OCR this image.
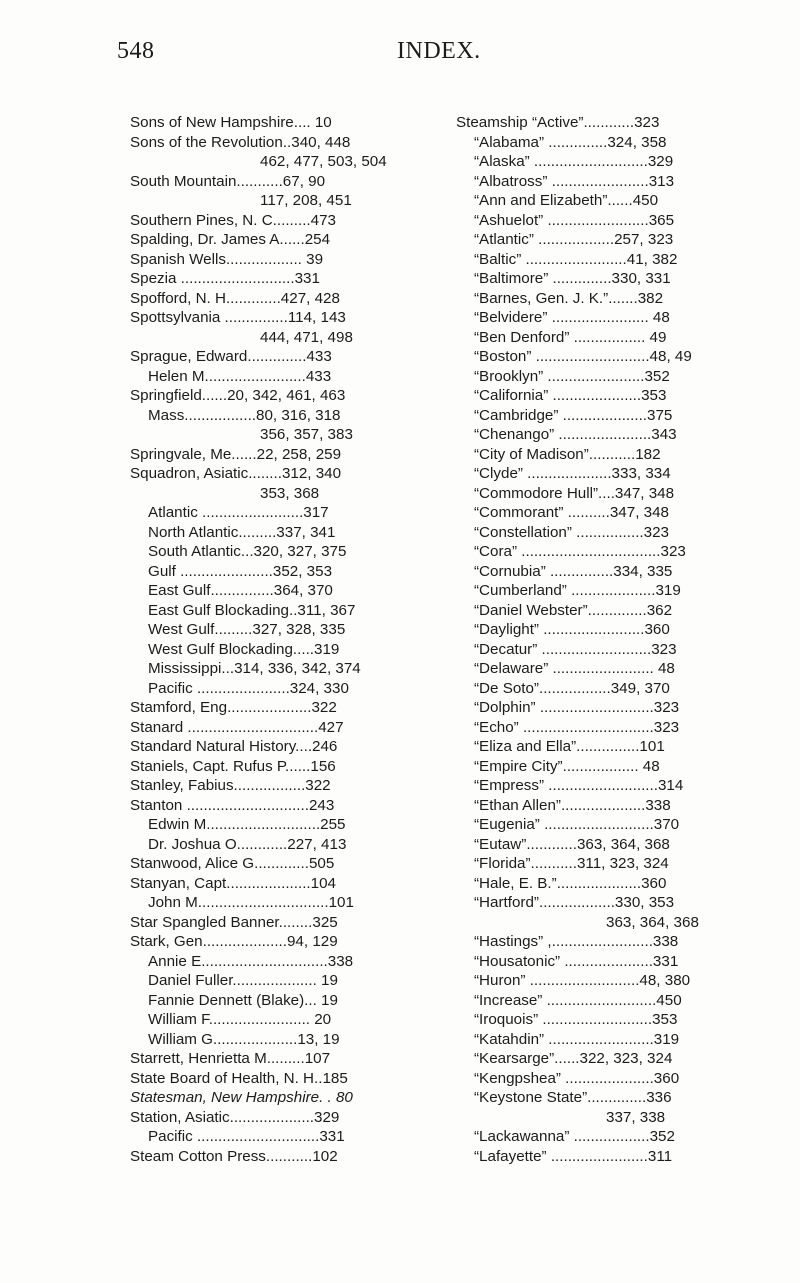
548	INDEX.
Sons of New Hampshire.... 10
Sons of the Revolution..340, 448
462, 477, 503, 504
South Mountain...........67, 90
117, 208, 451
Southern Pines, N. C.........473
Spalding, Dr. James A......254
Spanish Wells.................. 39
Spezia ...........................331
Spofford, N. H.............427, 428
Spottsylvania ...............114, 143
444, 471, 498
Sprague, Edward..............433
Helen M........................433
Springfield......20, 342, 461, 463
Mass.................80, 316, 318
356, 357, 383
Springvale, Me......22, 258, 259
Squadron, Asiatic........312, 340
353, 368
Atlantic ........................317
North Atlantic.........337, 341
South Atlantic...320, 327, 375
Gulf ......................352, 353
East Gulf...............364, 370
East Gulf Blockading..311, 367
West Gulf.........327, 328, 335
West Gulf Blockading.....319
Mississippi...314, 336, 342, 374
Pacific ......................324, 330
Stamford, Eng....................322
Stanard ...............................427
Standard Natural History....246
Staniels, Capt. Rufus P......156
Stanley, Fabius.................322
Stanton .............................243
Edwin M...........................255
Dr. Joshua O............227, 413
Stanwood, Alice G.............505
Stanyan, Capt....................104
John M...............................101
Star Spangled Banner........325
Stark, Gen....................94, 129
Annie E..............................338
Daniel Fuller.................... 19
Fannie Dennett (Blake)... 19
William F........................ 20
William G....................13, 19
Starrett, Henrietta M.........107
State Board of Health, N. H..185
Statesman, New Hampshire. . 80
Station, Asiatic....................329
Pacific .............................331
Steam Cotton Press...........102
Steamship “Active”............323
“Alabama” ..............324, 358
“Alaska” ...........................329
“Albatross” .......................313
“Ann and Elizabeth”......450
“Ashuelot” ........................365
“Atlantic” ..................257, 323
“Baltic” ........................41, 382
“Baltimore” ..............330, 331
“Barnes, Gen. J. K.”.......382
“Belvidere” ....................... 48
“Ben Denford” ................. 49
“Boston” ...........................48, 49
“Brooklyn” .......................352
“California” .....................353
“Cambridge” ....................375
“Chenango” ......................343
“City of Madison”...........182
“Clyde” ....................333, 334
“Commodore Hull”....347, 348
“Commorant” ..........347, 348
“Constellation” ................323
“Cora” .................................323
“Cornubia” ...............334, 335
“Cumberland” ....................319
“Daniel Webster”..............362
“Daylight” ........................360
“Decatur” ..........................323
“Delaware” ........................ 48
“De Soto”.................349, 370
“Dolphin” ...........................323
“Echo” ...............................323
“Eliza and Ella”...............101
“Empire City”.................. 48
“Empress” ..........................314
“Ethan Allen”....................338
“Eugenia” ..........................370
“Eutaw”............363, 364, 368
“Florida”...........311, 323, 324
“Hale, E. B.”....................360
“Hartford”..................330, 353
363, 364, 368
“Hastings” ,........................338
“Housatonic” .....................331
“Huron” ..........................48, 380
“Increase” ..........................450
“Iroquois” ..........................353
“Katahdin” .........................319
“Kearsarge”......322, 323, 324
“Kengpshea” .....................360
“Keystone State”..............336
337, 338
“Lackawanna” ..................352
“Lafayette” .......................311
